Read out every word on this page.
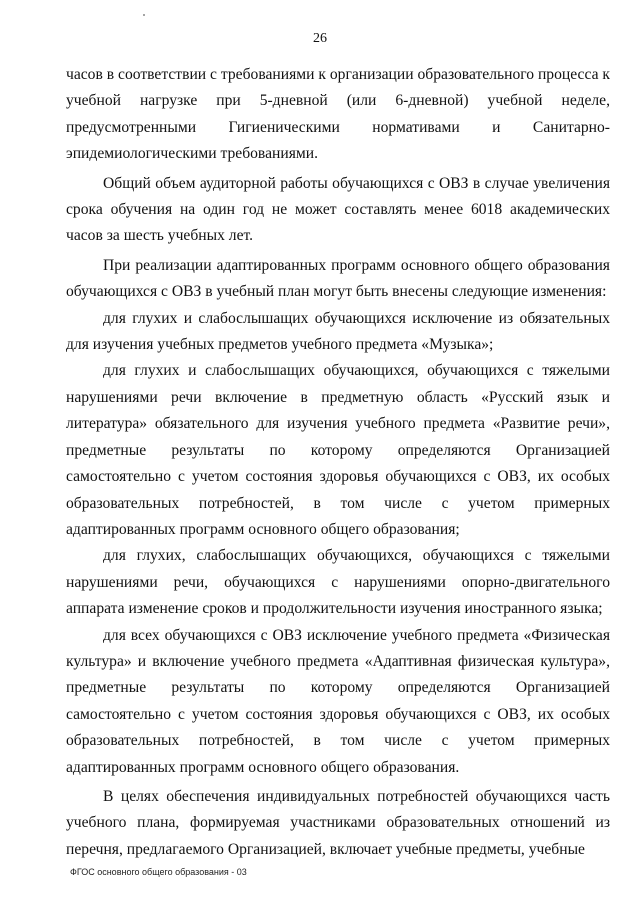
26

часов в соответствии с требованиями к организации образовательного процесса к учебной нагрузке при 5-дневной (или 6-дневной) учебной неделе, предусмотренными Гигиеническими нормативами и Санитарно-эпидемиологическими требованиями.

Общий объем аудиторной работы обучающихся с ОВЗ в случае увеличения срока обучения на один год не может составлять менее 6018 академических часов за шесть учебных лет.

При реализации адаптированных программ основного общего образования обучающихся с ОВЗ в учебный план могут быть внесены следующие изменения:

для глухих и слабослышащих обучающихся исключение из обязательных для изучения учебных предметов учебного предмета «Музыка»;

для глухих и слабослышащих обучающихся, обучающихся с тяжелыми нарушениями речи включение в предметную область «Русский язык и литература» обязательного для изучения учебного предмета «Развитие речи», предметные результаты по которому определяются Организацией самостоятельно с учетом состояния здоровья обучающихся с ОВЗ, их особых образовательных потребностей, в том числе с учетом примерных адаптированных программ основного общего образования;

для глухих, слабослышащих обучающихся, обучающихся с тяжелыми нарушениями речи, обучающихся с нарушениями опорно-двигательного аппарата изменение сроков и продолжительности изучения иностранного языка;

для всех обучающихся с ОВЗ исключение учебного предмета «Физическая культура» и включение учебного предмета «Адаптивная физическая культура», предметные результаты по которому определяются Организацией самостоятельно с учетом состояния здоровья обучающихся с ОВЗ, их особых образовательных потребностей, в том числе с учетом примерных адаптированных программ основного общего образования.

В целях обеспечения индивидуальных потребностей обучающихся часть учебного плана, формируемая участниками образовательных отношений из перечня, предлагаемого Организацией, включает учебные предметы, учебные

ФГОС основного общего образования - 03
